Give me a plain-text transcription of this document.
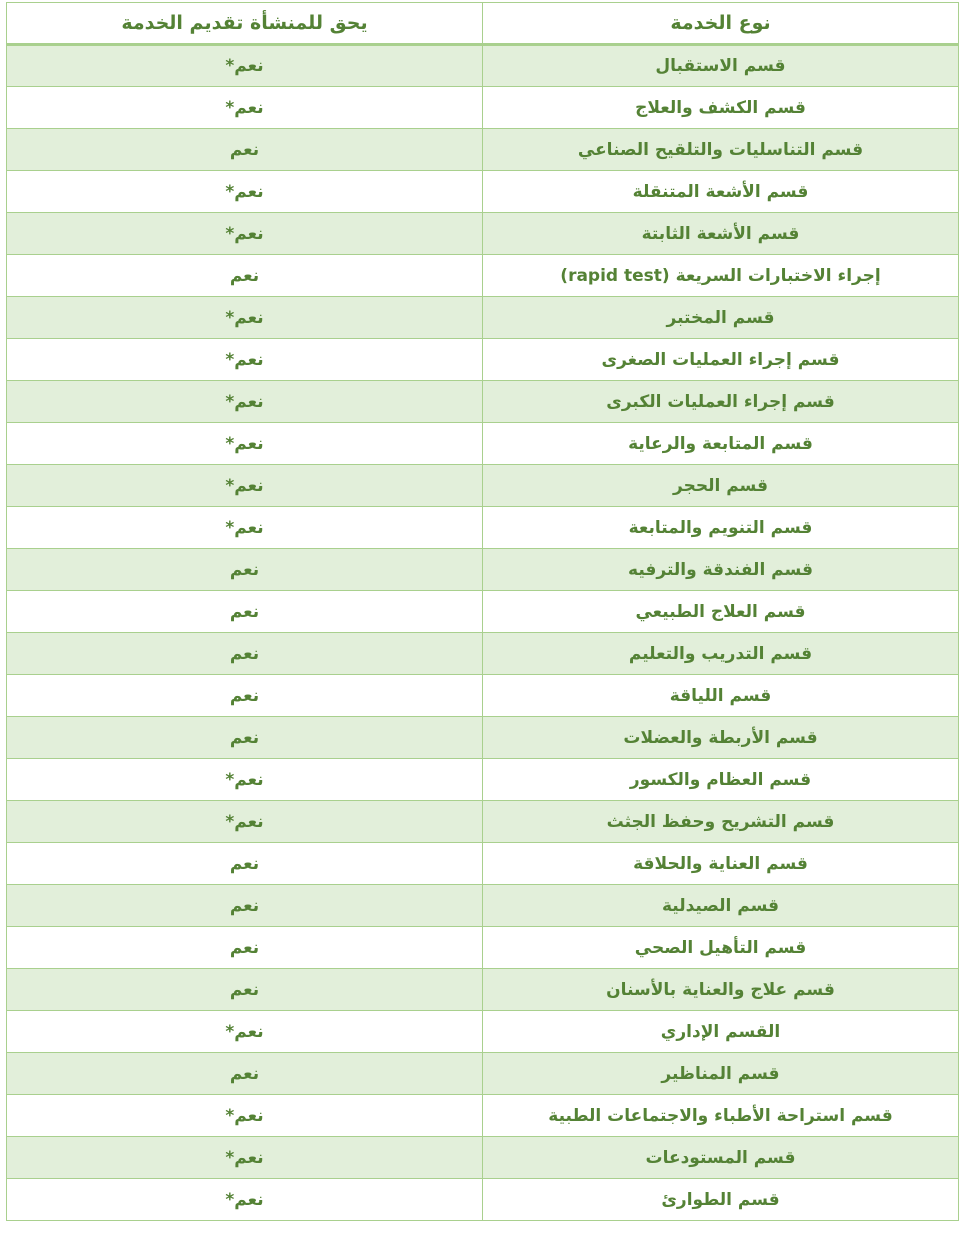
نوع الخدمة	يحق للمنشأة تقديم الخدمة
قسم الاستقبال	نعم*
قسم الكشف والعلاج	نعم*
قسم التناسليات والتلقيح الصناعي	نعم
قسم الأشعة المتنقلة	نعم*
قسم الأشعة الثابتة	نعم*
إجراء الاختبارات السريعة (rapid test)	نعم
قسم المختبر	نعم*
قسم إجراء العمليات الصغرى	نعم*
قسم إجراء العمليات الكبرى	نعم*
قسم المتابعة والرعاية	نعم*
قسم الحجر	نعم*
قسم التنويم والمتابعة	نعم*
قسم الفندقة والترفيه	نعم
قسم العلاج الطبيعي	نعم
قسم التدريب والتعليم	نعم
قسم اللياقة	نعم
قسم الأربطة والعضلات	نعم
قسم العظام والكسور	نعم*
قسم التشريح وحفظ الجثث	نعم*
قسم العناية والحلاقة	نعم
قسم الصيدلية	نعم
قسم التأهيل الصحي	نعم
قسم علاج والعناية بالأسنان	نعم
القسم الإداري	نعم*
قسم المناظير	نعم
قسم استراحة الأطباء والاجتماعات الطبية	نعم*
قسم المستودعات	نعم*
قسم الطوارئ	نعم*
